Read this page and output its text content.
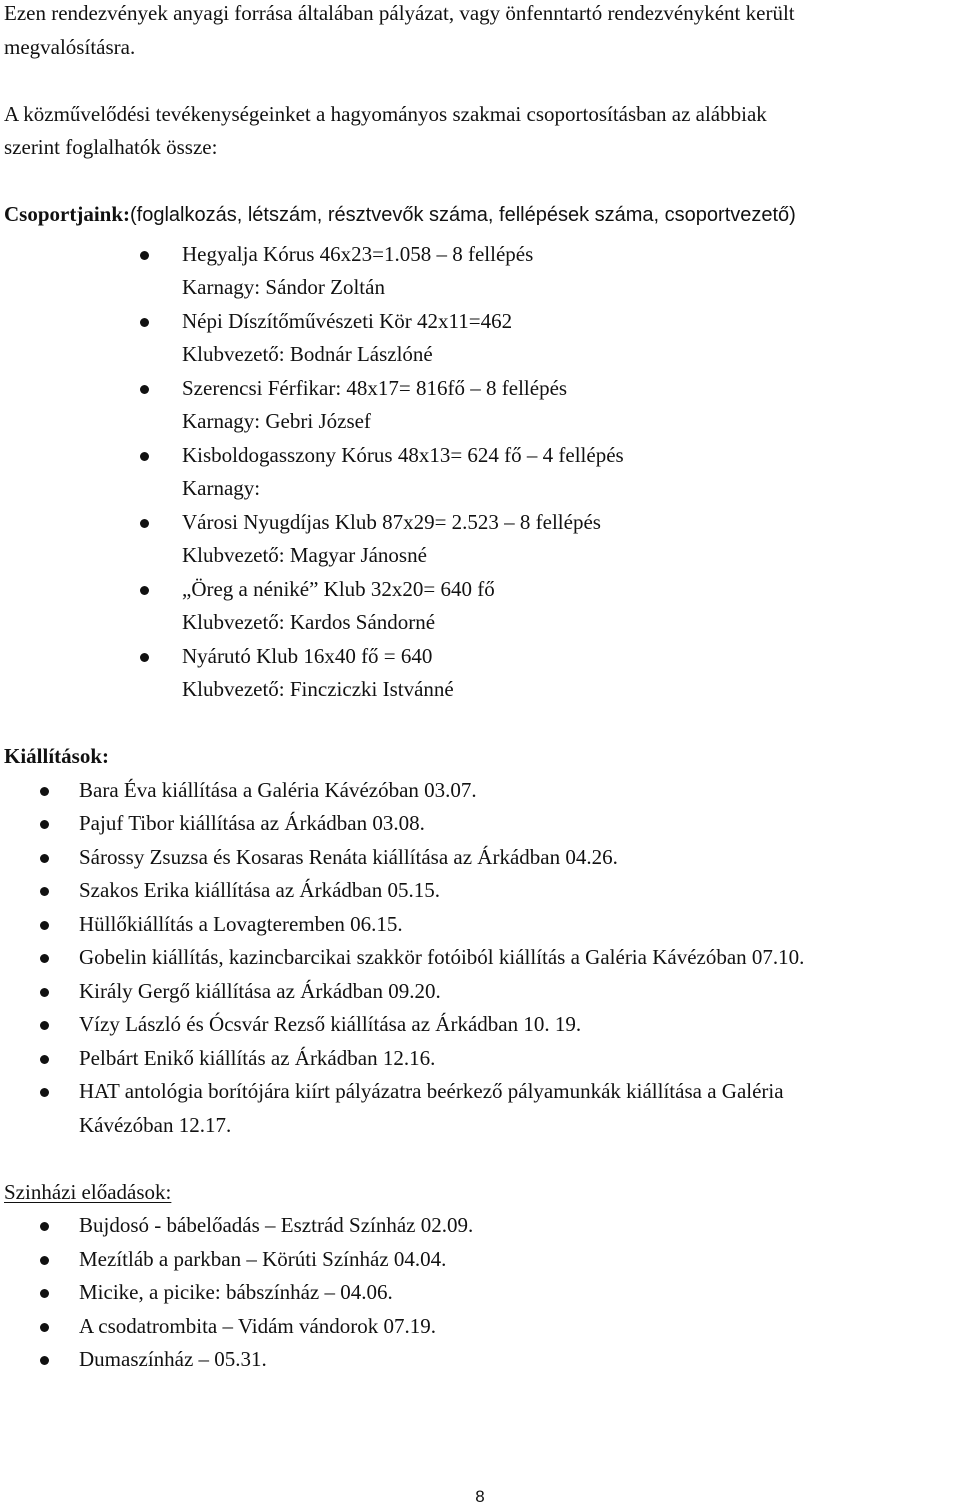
Ezen rendezvények anyagi forrása általában pályázat, vagy önfenntartó rendezvényként került
megvalósításra.

A közművelődési tevékenységeinket a hagyományos szakmai csoportosításban az alábbiak
szerint foglalhatók össze:

Csoportjaink:(foglalkozás, létszám, résztvevők száma, fellépések száma, csoportvezető)

Hegyalja Kórus 46x23=1.058 – 8 fellépés
Karnagy: Sándor Zoltán
Népi Díszítőművészeti Kör 42x11=462
Klubvezető: Bodnár Lászlóné
Szerencsi Férfikar: 48x17= 816fő – 8 fellépés
Karnagy: Gebri József
Kisboldogasszony Kórus 48x13= 624 fő – 4 fellépés
Karnagy:
Városi Nyugdíjas Klub 87x29= 2.523 – 8 fellépés
Klubvezető: Magyar Jánosné
„Öreg a néniké” Klub 32x20= 640 fő
Klubvezető: Kardos Sándorné
Nyárutó Klub 16x40 fő = 640
Klubvezető: Fincziczki Istvánné

Kiállítások:

Bara Éva kiállítása a Galéria Kávézóban 03.07.
Pajuf Tibor kiállítása az Árkádban 03.08.
Sárossy Zsuzsa és Kosaras Renáta kiállítása az Árkádban 04.26.
Szakos Erika kiállítása az Árkádban 05.15.
Hüllőkiállítás a Lovagteremben 06.15.
Gobelin kiállítás, kazincbarcikai szakkör fotóiból kiállítás a Galéria Kávézóban 07.10.
Király Gergő kiállítása az Árkádban 09.20.
Vízy László és Ócsvár Rezső kiállítása az Árkádban 10. 19.
Pelbárt Enikő kiállítás az Árkádban 12.16.
HAT antológia borítójára kiírt pályázatra beérkező pályamunkák kiállítása a Galéria
Kávézóban 12.17.

Szinházi előadások:

Bujdosó - bábelőadás – Esztrád Színház 02.09.
Mezítláb a parkban – Körúti Színház 04.04.
Micike, a picike: bábszínház – 04.06.
A csodatrombita – Vidám vándorok 07.19.
Dumaszínház – 05.31.
8
